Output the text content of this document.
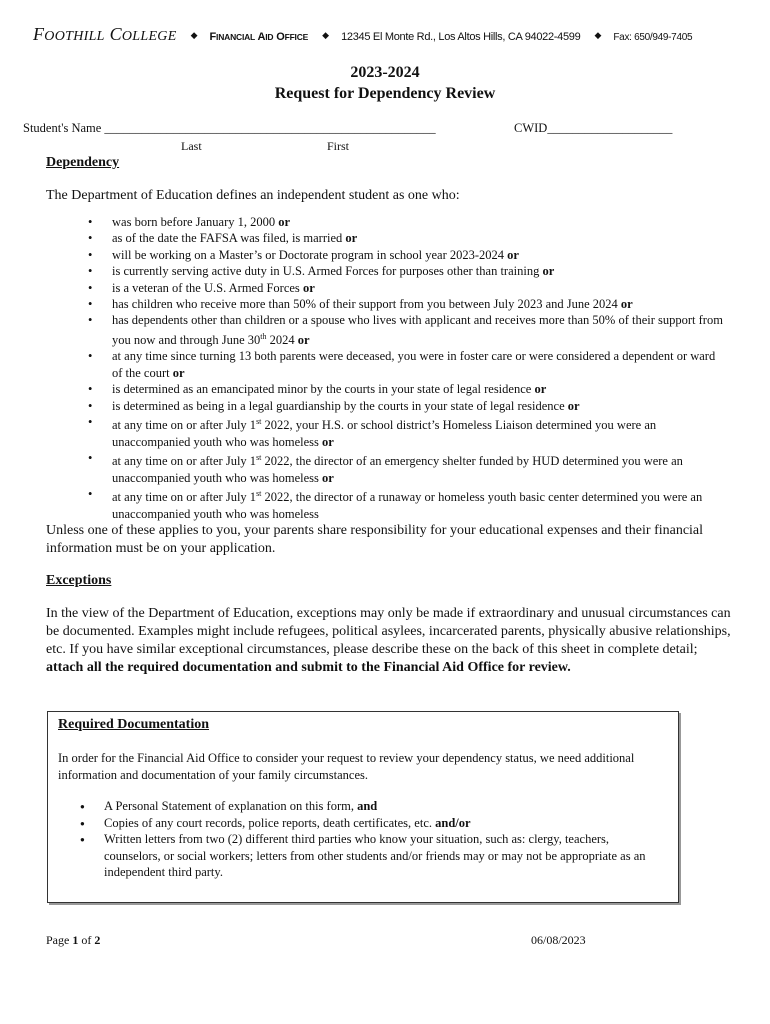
FOOTHILL COLLEGE ◆ FINANCIAL AID OFFICE ◆ 12345 El Monte Rd., Los Altos Hills, CA 94022-4599 ◆ Fax: 650/949-7405
2023-2024
Request for Dependency Review
Student's Name _____________________________________________________	CWID____________________
Last	First
Dependency
The Department of Education defines an independent student as one who:
• was born before January 1, 2000 or
• as of the date the FAFSA was filed, is married or
• will be working on a Master’s or Doctorate program in school year 2023-2024 or
• is currently serving active duty in U.S. Armed Forces for purposes other than training or
• is a veteran of the U.S. Armed Forces or
• has children who receive more than 50% of their support from you between July 2023 and June 2024 or
• has dependents other than children or a spouse who lives with applicant and receives more than 50% of their support from you now and through June 30th 2024 or
• at any time since turning 13 both parents were deceased, you were in foster care or were considered a dependent or ward of the court or
• is determined as an emancipated minor by the courts in your state of legal residence or
• is determined as being in a legal guardianship by the courts in your state of legal residence or
• at any time on or after July 1st 2022, your H.S. or school district’s Homeless Liaison determined you were an unaccompanied youth who was homeless or
• at any time on or after July 1st 2022, the director of an emergency shelter funded by HUD determined you were an unaccompanied youth who was homeless or
• at any time on or after July 1st 2022, the director of a runaway or homeless youth basic center determined you were an unaccompanied youth who was homeless
Unless one of these applies to you, your parents share responsibility for your educational expenses and their financial information must be on your application.
Exceptions
In the view of the Department of Education, exceptions may only be made if extraordinary and unusual circumstances can be documented. Examples might include refugees, political asylees, incarcerated parents, physically abusive relationships, etc. If you have similar exceptional circumstances, please describe these on the back of this sheet in complete detail; attach all the required documentation and submit to the Financial Aid Office for review.
Required Documentation
In order for the Financial Aid Office to consider your request to review your dependency status, we need additional information and documentation of your family circumstances.
● A Personal Statement of explanation on this form, and
● Copies of any court records, police reports, death certificates, etc. and/or
● Written letters from two (2) different third parties who know your situation, such as: clergy, teachers, counselors, or social workers; letters from other students and/or friends may or may not be appropriate as an independent third party.
Page 1 of 2	06/08/2023
